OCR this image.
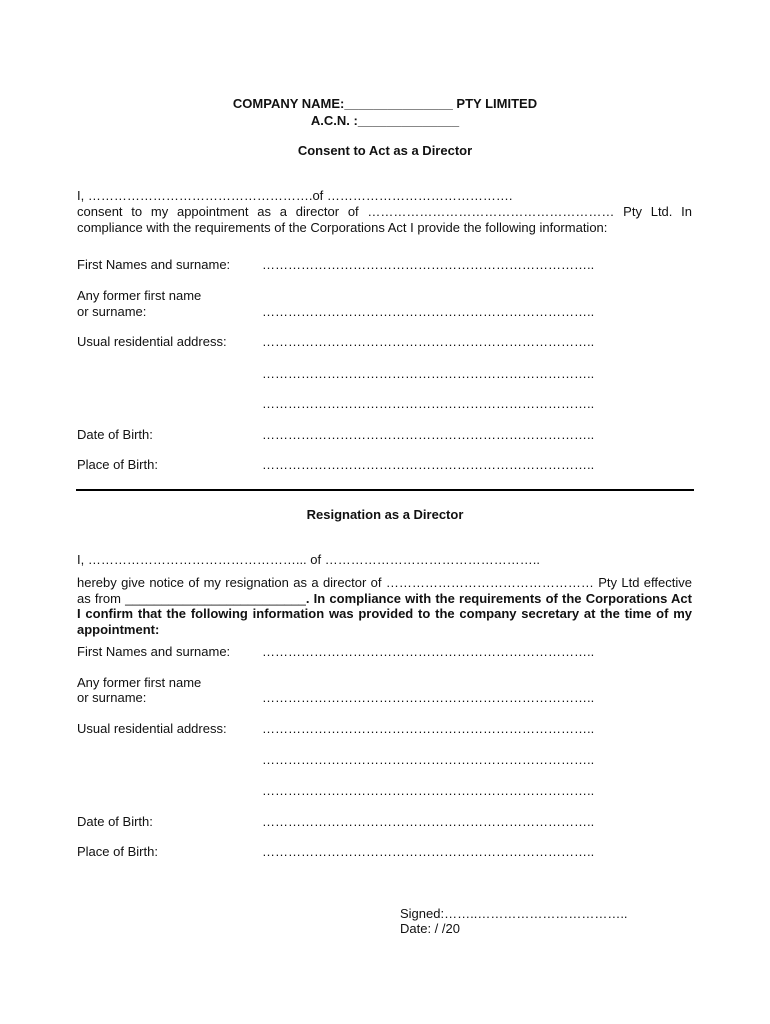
COMPANY NAME:_______________ PTY LIMITED
A.C.N. :______________
Consent to Act as a Director
I, …………………………………………….of …………………………………….
consent to my appointment as a director of ………………………………………………… Pty Ltd. In compliance with the requirements of the Corporations Act I provide the following information:
First Names and surname: …………………………………………………………………..
Any former first name
or surname:	…………………………………………………………………..
Usual residential address:	…………………………………………………………………..
…………………………………………………………………..
…………………………………………………………………..
Date of Birth:	…………………………………………………………………..
Place of Birth:	…………………………………………………………………..
Resignation as a Director
I, …………………………………………... of …………………………………………..
hereby give notice of my resignation as a director of ………………………………………… Pty Ltd effective as from _________________________. In compliance with the requirements of the Corporations Act I confirm that the following information was provided to the company secretary at the time of my appointment:
First Names and surname: …………………………………………………………………..
Any former first name
or surname:	…………………………………………………………………..
Usual residential address:	…………………………………………………………………..
…………………………………………………………………..
…………………………………………………………………..
Date of Birth:	…………………………………………………………………..
Place of Birth:	…………………………………………………………………..
Signed:……..……………………………..
Date: / /20
